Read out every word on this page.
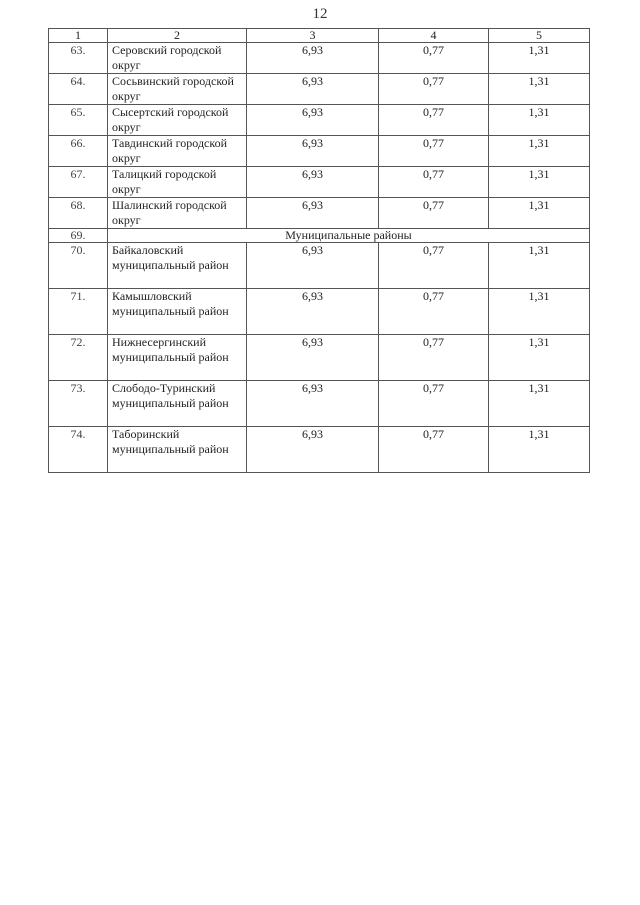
12
1	2	3	4	5
63.	Серовский городской округ	6,93	0,77	1,31
64.	Сосьвинский городской округ	6,93	0,77	1,31
65.	Сысертский городской округ	6,93	0,77	1,31
66.	Тавдинский городской округ	6,93	0,77	1,31
67.	Талицкий городской округ	6,93	0,77	1,31
68.	Шалинский городской округ	6,93	0,77	1,31
69.	Муниципальные районы			
70.	Байкаловский муниципальный район	6,93	0,77	1,31
71.	Камышловский муниципальный район	6,93	0,77	1,31
72.	Нижнесергинский муниципальный район	6,93	0,77	1,31
73.	Слободо-Туринский муниципальный район	6,93	0,77	1,31
74.	Таборинский муниципальный район	6,93	0,77	1,31
